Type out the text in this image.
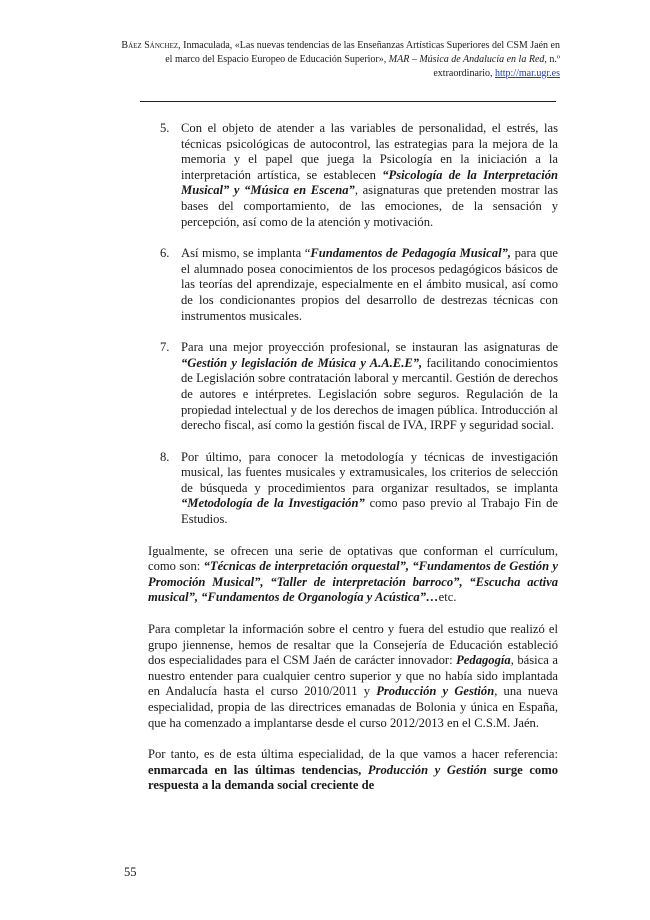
Báez Sánchez, Inmaculada, «Las nuevas tendencias de las Enseñanzas Artísticas Superiores del CSM Jaén en el marco del Espacio Europeo de Educación Superior», MAR – Música de Andalucía en la Red, n.º extraordinario, http://mar.ugr.es
5. Con el objeto de atender a las variables de personalidad, el estrés, las técnicas psicológicas de autocontrol, las estrategias para la mejora de la memoria y el papel que juega la Psicología en la iniciación a la interpretación artística, se establecen “Psicología de la Interpretación Musical” y “Música en Escena”, asignaturas que pretenden mostrar las bases del comportamiento, de las emociones, de la sensación y percepción, así como de la atención y motivación.
6. Así mismo, se implanta “Fundamentos de Pedagogía Musical”, para que el alumnado posea conocimientos de los procesos pedagógicos básicos de las teorías del aprendizaje, especialmente en el ámbito musical, así como de los condicionantes propios del desarrollo de destrezas técnicas con instrumentos musicales.
7. Para una mejor proyección profesional, se instauran las asignaturas de “Gestión y legislación de Música y A.A.E.E”, facilitando conocimientos de Legislación sobre contratación laboral y mercantil. Gestión de derechos de autores e intérpretes. Legislación sobre seguros. Regulación de la propiedad intelectual y de los derechos de imagen pública. Introducción al derecho fiscal, así como la gestión fiscal de IVA, IRPF y seguridad social.
8. Por último, para conocer la metodología y técnicas de investigación musical, las fuentes musicales y extramusicales, los criterios de selección de búsqueda y procedimientos para organizar resultados, se implanta “Metodología de la Investigación” como paso previo al Trabajo Fin de Estudios.

Igualmente, se ofrecen una serie de optativas que conforman el currículum, como son: “Técnicas de interpretación orquestal”, “Fundamentos de Gestión y Promoción Musical”, “Taller de interpretación barroco”, “Escucha activa musical”, “Fundamentos de Organología y Acústica”…etc.

Para completar la información sobre el centro y fuera del estudio que realizó el grupo jiennense, hemos de resaltar que la Consejería de Educación estableció dos especialidades para el CSM Jaén de carácter innovador: Pedagogía, básica a nuestro entender para cualquier centro superior y que no había sido implantada en Andalucía hasta el curso 2010/2011 y Producción y Gestión, una nueva especialidad, propia de las directrices emanadas de Bolonia y única en España, que ha comenzado a implantarse desde el curso 2012/2013 en el C.S.M. Jaén.

Por tanto, es de esta última especialidad, de la que vamos a hacer referencia: enmarcada en las últimas tendencias, Producción y Gestión surge como respuesta a la demanda social creciente de

55
